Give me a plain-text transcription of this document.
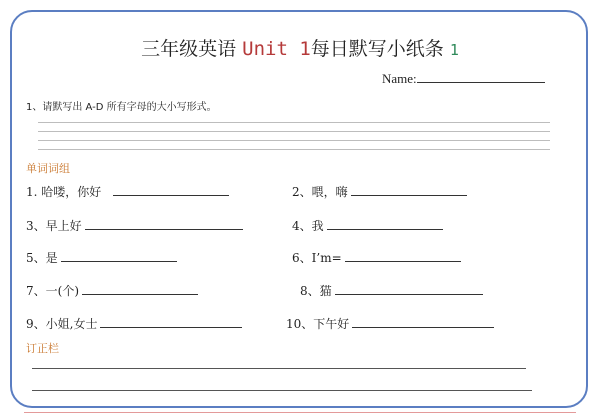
三年级英语 Unit 1每日默写小纸条 1
Name:
1、请默写出 A-D 所有字母的大小写形式。
单词词组
1. 哈喽，你好	2、喂，嗨
3、早上好	4、我
5、是	6、I’m=
7、一(个)	8、猫
9、小姐,女士	10、下午好
订正栏
